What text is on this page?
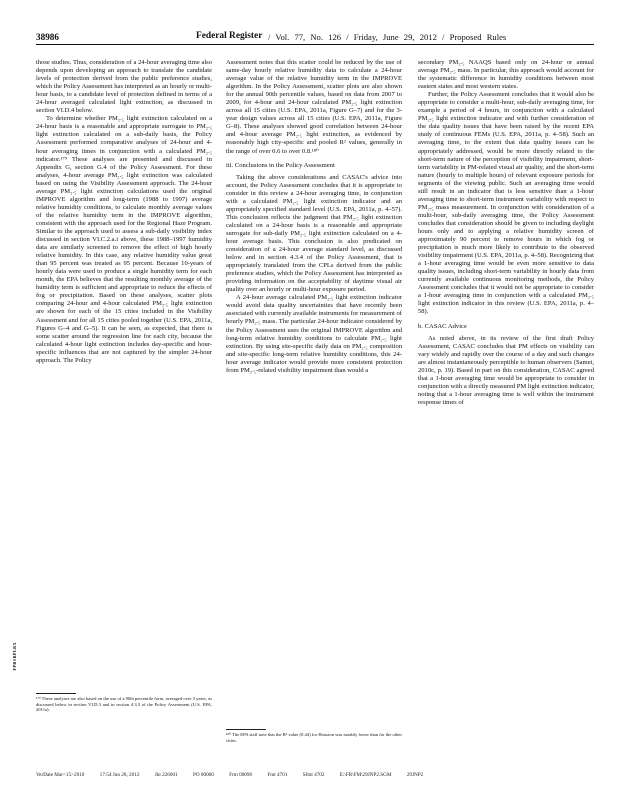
38986	Federal Register / Vol. 77, No. 126 / Friday, June 29, 2012 / Proposed Rules

those studies. Thus, consideration of a 24-hour averaging time also depends upon developing an approach to translate the candidate levels of protection derived from the public preference studies, which the Policy Assessment has interpreted as an hourly or multi-hour basis, to a candidate level of protection defined in terms of a 24-hour averaged calculated light extinction, as discussed in section VI.D.4 below.

To determine whether PM₂.₅ light extinction calculated on a 24-hour basis is a reasonable and appropriate surrogate to PM₂.₅ light extinction calculated on a sub-daily basis, the Policy Assessment performed comparative analyses of 24-hour and 4-hour averaging times in conjunction with a calculated PM₂.₅ indicator.¹⁷⁹ These analyses are presented and discussed in Appendix G, section G.4 of the Policy Assessment. For these analyses, 4-hour average PM₂.₅ light extinction was calculated based on using the Visibility Assessment approach. The 24-hour average PM₂.₅ light extinction calculations used the original IMPROVE algorithm and long-term (1988 to 1997) average relative humidity conditions, to calculate monthly average values of the relative humidity term in the IMPROVE algorithm, consistent with the approach used for the Regional Haze Program. Similar to the approach used to assess a sub-daily visibility index discussed in section VI.C.2.a.i above, these 1988–1997 humidity data are similarly screened to remove the effect of high hourly relative humidity. In this case, any relative humidity value great than 95 percent was treated as 95 percent. Because 10-years of hourly data were used to produce a single humidity term for each month, the EPA believes that the resulting monthly average of the humidity term is sufficient and appropriate to reduce the effects of fog or precipitation. Based on these analyses, scatter plots comparing 24-hour and 4-hour calculated PM₂.₅ light extinction are shown for each of the 15 cities included in the Visibility Assessment and for all 15 cities pooled together (U.S. EPA, 2011a, Figures G–4 and G–5). It can be seen, as expected, that there is some scatter around the regression line for each city, because the calculated 4-hour light extinction includes day-specific and hour-specific influences that are not captured by the simpler 24-hour approach. The Policy

Assessment notes that this scatter could be reduced by the use of same-day hourly relative humidity data to calculate a 24-hour average value of the relative humidity term in the IMPROVE algorithm. In the Policy Assessment, scatter plots are also shown for the annual 90th percentile values, based on data from 2007 to 2009, for 4-hour and 24-hour calculated PM₂.₅ light extinction across all 15 cities (U.S. EPA, 2011a, Figure G–7) and for the 3-year design values across all 15 cities (U.S. EPA, 2011a, Figure G–8). These analyses showed good correlation between 24-hour and 4-hour average PM₂.₅ light extinction, as evidenced by reasonably high city-specific and pooled R² values, generally in the range of over 0.6 to over 0.8.¹⁸⁰

iii. Conclusions in the Policy Assessment

Taking the above considerations and CASAC's advice into account, the Policy Assessment concludes that it is appropriate to consider in this review a 24-hour averaging time, in conjunction with a calculated PM₂.₅ light extinction indicator and an appropriately specified standard level (U.S. EPA, 2011a, p. 4–57). This conclusion reflects the judgment that PM₂.₅ light extinction calculated on a 24-hour basis is a reasonable and appropriate surrogate for sub-daily PM₂.₅ light extinction calculated on a 4-hour average basis. This conclusion is also predicated on consideration of a 24-hour average standard level, as discussed below and in section 4.3.4 of the Policy Assessment, that is appropriately translated from the CPLs derived from the public preference studies, which the Policy Assessment has interpreted as providing information on the acceptability of daytime visual air quality over an hourly or multi-hour exposure period.

A 24-hour average calculated PM₂.₅ light extinction indicator would avoid data quality uncertainties that have recently been associated with currently available instruments for measurement of hourly PM₂.₅ mass. The particular 24-hour indicator considered by the Policy Assessment uses the original IMPROVE algorithm and long-term relative humidity conditions to calculate PM₂.₅ light extinction. By using site-specific daily data on PM₂.₅ composition and site-specific long-term relative humidity conditions, this 24-hour average indicator would provide more consistent protection from PM₂.₅-related visibility impairment than would a

secondary PM₂.₅ NAAQS based only on 24-hour or annual average PM₂.₅ mass. In particular, this approach would account for the systematic difference in humidity conditions between most eastern states and most western states.

Further, the Policy Assessment concludes that it would also be appropriate to consider a multi-hour, sub-daily averaging time, for example a period of 4 hours, in conjunction with a calculated PM₂.₅ light extinction indicator and with further consideration of the data quality issues that have been raised by the recent EPA study of continuous FEMs (U.S. EPA, 2011a, p. 4–58). Such an averaging time, to the extent that data quality issues can be appropriately addressed, would be more directly related to the short-term nature of the perception of visibility impairment, short-term variability in PM-related visual air quality, and the short-term nature (hourly to multiple hours) of relevant exposure periods for segments of the viewing public. Such an averaging time would still result in an indicator that is less sensitive than a 1-hour averaging time to short-term instrument variability with respect to PM₂.₅ mass measurement. In conjunction with consideration of a multi-hour, sub-daily averaging time, the Policy Assessment concludes that consideration should be given to including daylight hours only and to applying a relative humidity screen of approximately 90 percent to remove hours in which fog or precipitation is much more likely to contribute to the observed visibility impairment (U.S. EPA, 2011a, p. 4–58). Recognizing that a 1-hour averaging time would be even more sensitive to data quality issues, including short-term variability in hourly data from currently available continuous monitoring methods, the Policy Assessment concludes that it would not be appropriate to consider a 1-hour averaging time in conjunction with a calculated PM₂.₅ light extinction indicator in this review (U.S. EPA, 2011a, p. 4–58).

b. CASAC Advice

As noted above, in its review of the first draft Policy Assessment, CASAC concludes that PM effects on visibility can vary widely and rapidly over the course of a day and such changes are almost instantaneously perceptible to human observers (Samet, 2010c, p. 19). Based in part on this consideration, CASAC agreed that a 1-hour averaging time would be appropriate to consider in conjunction with a directly measured PM light extinction indicator, noting that a 1-hour averaging time is well within the instrument response times of

¹⁷⁹ These analyses are also based on the use of a 90th percentile form, averaged over 3 years, as discussed below in section VI.D.3 and in section 4.3.3 of the Policy Assessment (U.S. EPA, 2011a).
¹⁸⁰ The EPA staff note that the R² value (0.44) for Houston was notably lower than for the other cities.
FPRSRPLRX
VerDate Mar<15>2010	17:54 Jun 28, 2012	Jkt 226001	PO 00000	Frm 00096	Fmt 4701	Sfmt 4702	E:\FR\FM\29JNP2.SGM	29JNP2
